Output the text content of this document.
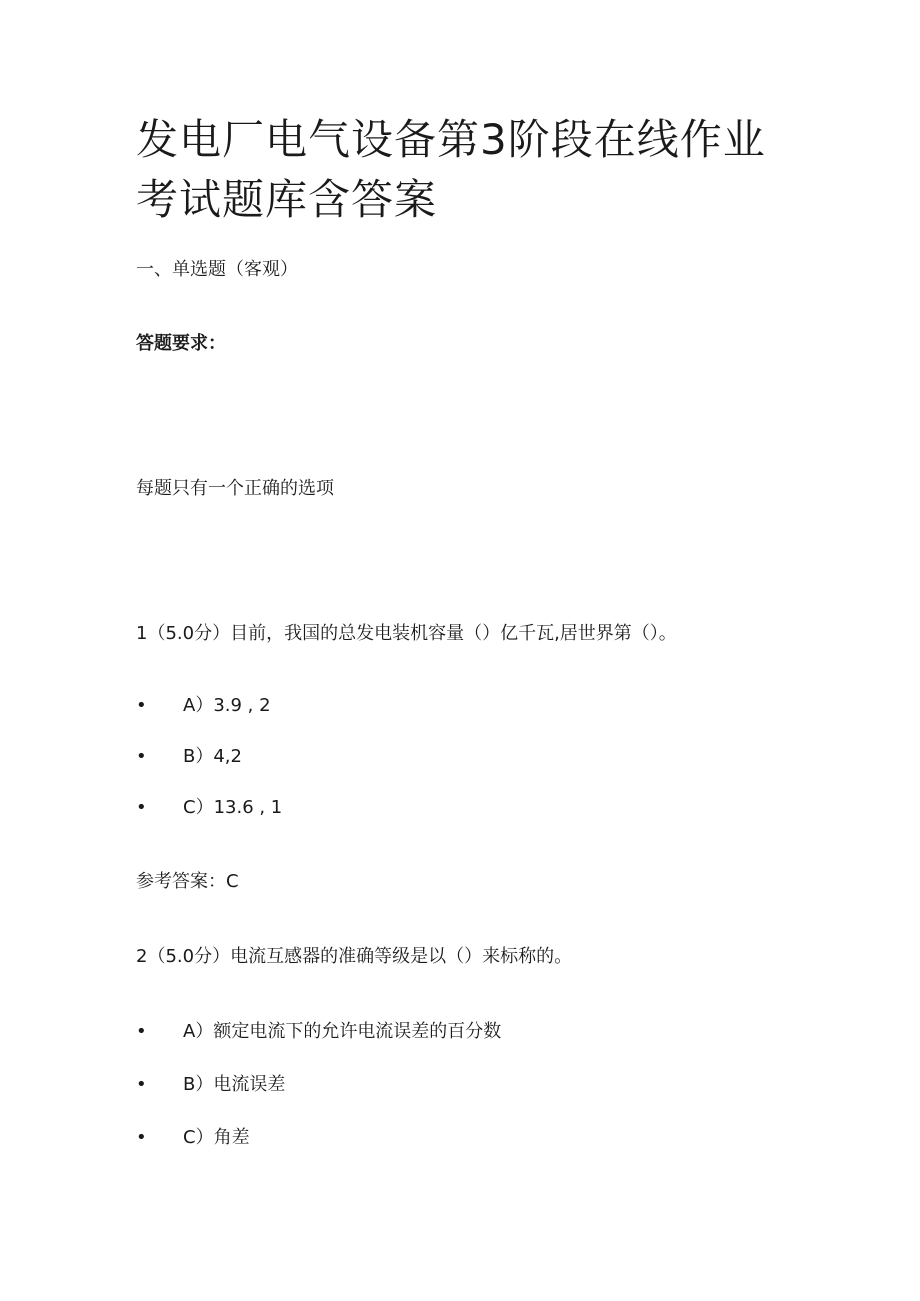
发电厂电气设备第3阶段在线作业考试题库含答案

一、单选题（客观）

答题要求：

每题只有一个正确的选项

1（5.0分）目前，我国的总发电装机容量（）亿千瓦,居世界第（）。

• A）3.9 , 2
• B）4,2
• C）13.6 , 1

参考答案：C

2（5.0分）电流互感器的准确等级是以（）来标称的。

• A）额定电流下的允许电流误差的百分数
• B）电流误差
• C）角差
